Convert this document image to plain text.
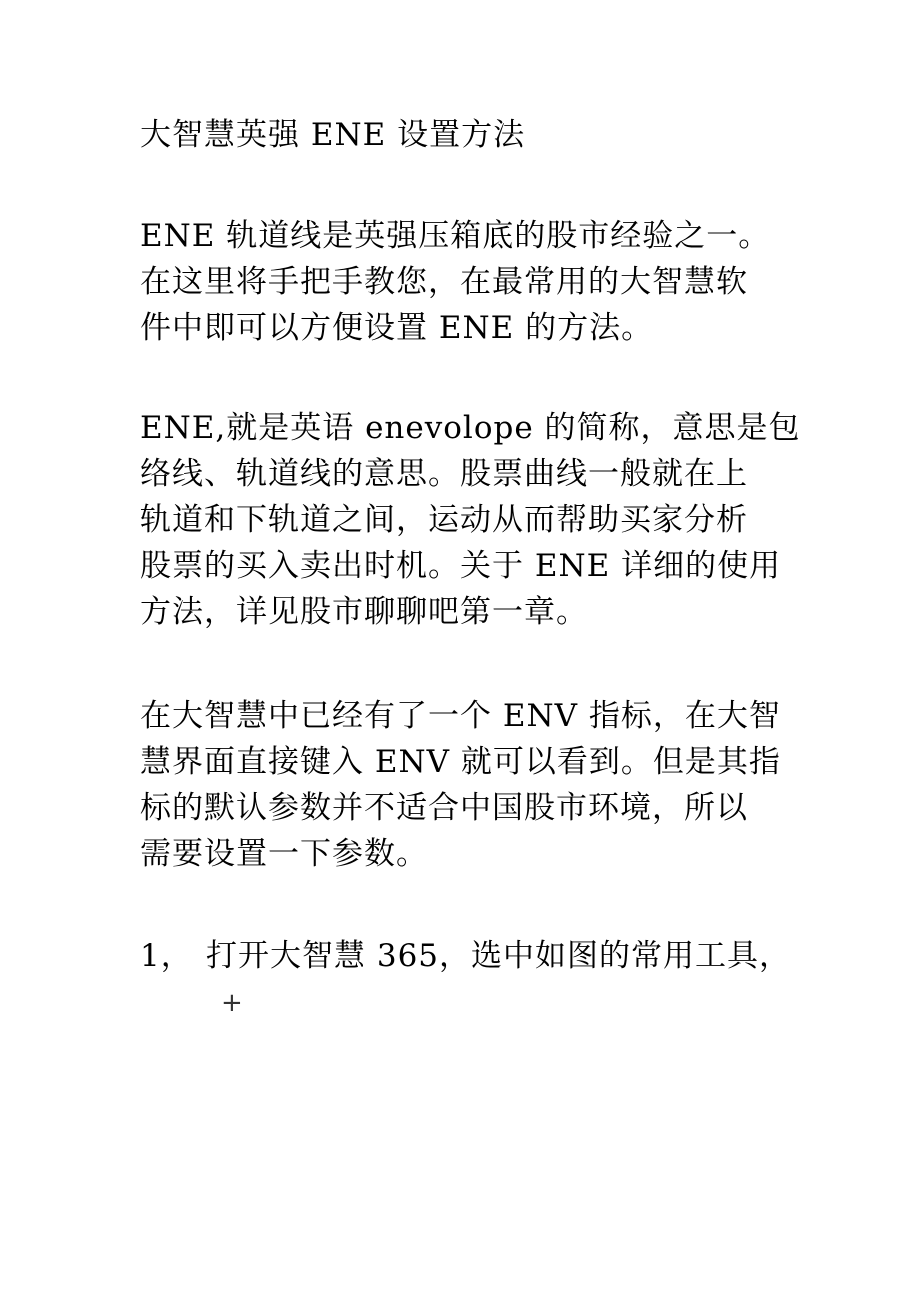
大智慧英强 ENE 设置方法

ENE 轨道线是英强压箱底的股市经验之一。
在这里将手把手教您，在最常用的大智慧软
件中即可以方便设置 ENE 的方法。

ENE,就是英语 enevolope 的简称，意思是包
络线、轨道线的意思。股票曲线一般就在上
轨道和下轨道之间，运动从而帮助买家分析
股票的买入卖出时机。关于 ENE 详细的使用
方法，详见股市聊聊吧第一章。

在大智慧中已经有了一个 ENV 指标，在大智
慧界面直接键入 ENV 就可以看到。但是其指
标的默认参数并不适合中国股市环境，所以
需要设置一下参数。

1， 打开大智慧 365，选中如图的常用工具，
+
